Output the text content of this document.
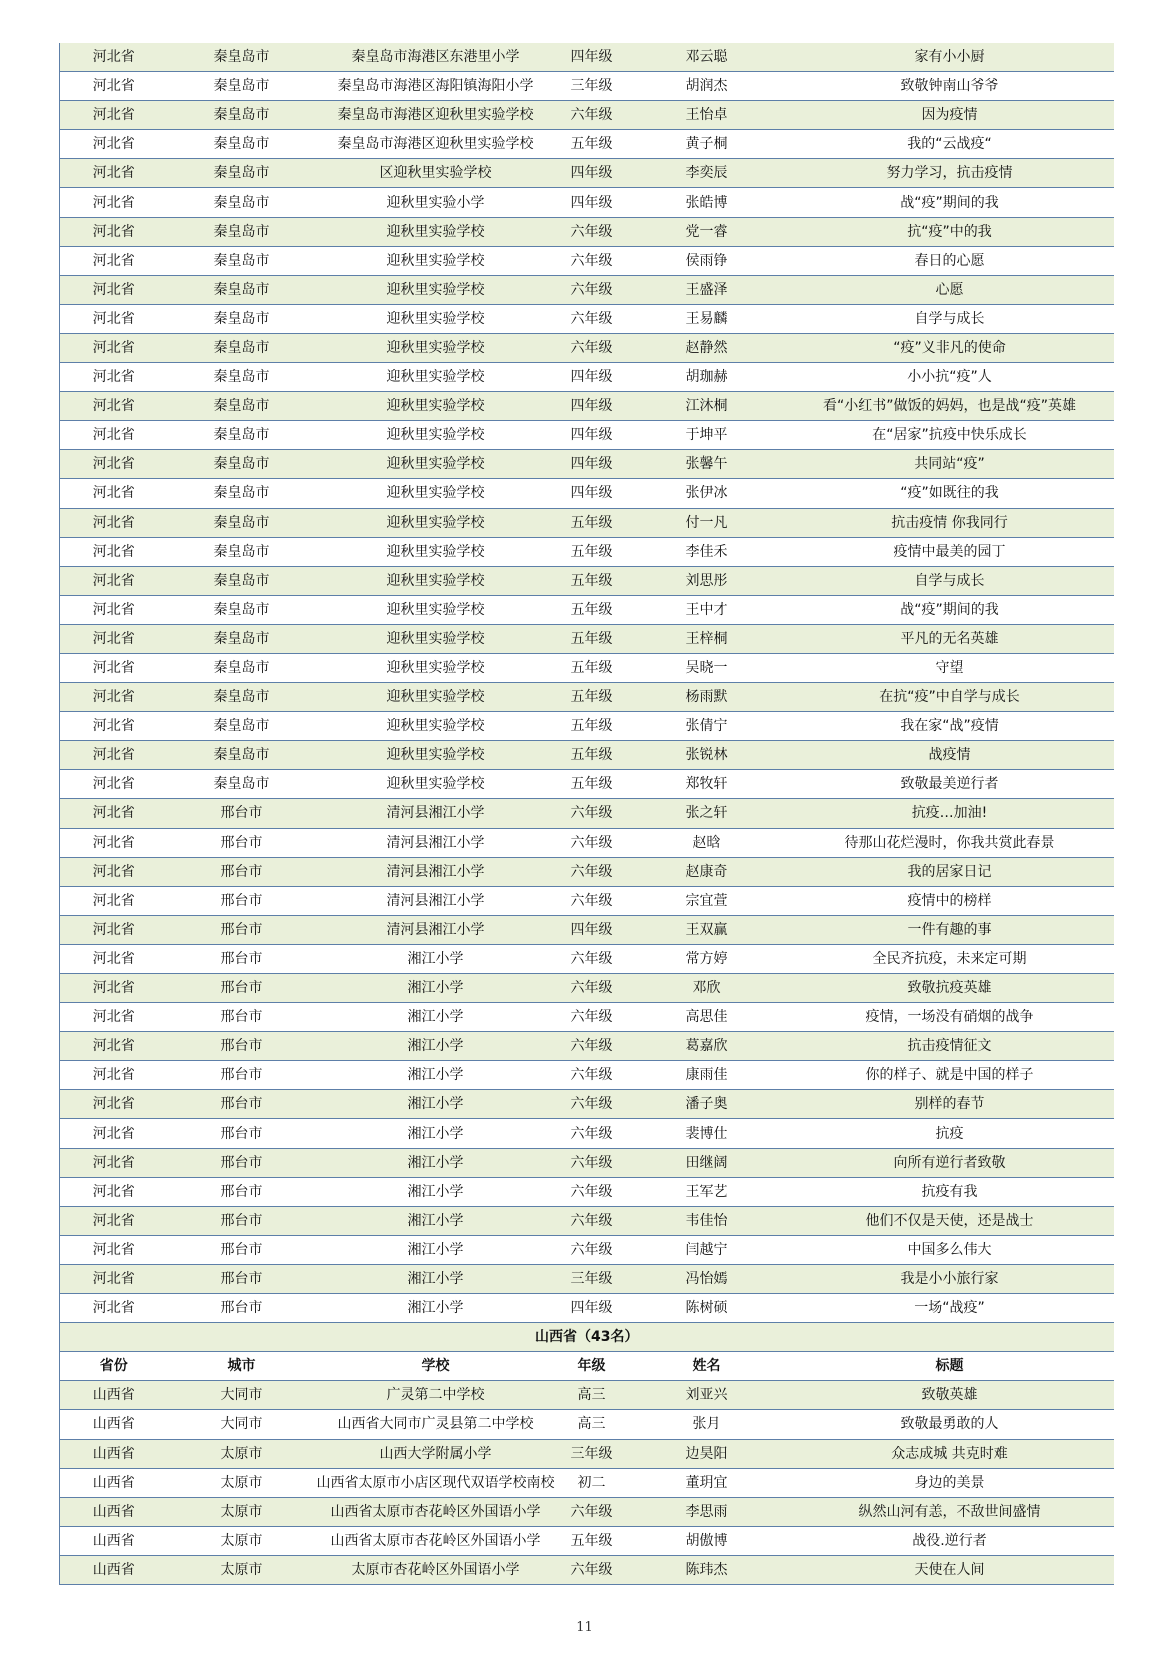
河北省	秦皇岛市	秦皇岛市海港区东港里小学	四年级	邓云聪	家有小小厨
河北省	秦皇岛市	秦皇岛市海港区海阳镇海阳小学	三年级	胡润杰	致敬钟南山爷爷
河北省	秦皇岛市	秦皇岛市海港区迎秋里实验学校	六年级	王怡卓	因为疫情
河北省	秦皇岛市	秦皇岛市海港区迎秋里实验学校	五年级	黄子桐	我的“云战疫“
河北省	秦皇岛市	区迎秋里实验学校	四年级	李奕辰	努力学习，抗击疫情
河北省	秦皇岛市	迎秋里实验小学	四年级	张皓博	战“疫”期间的我
河北省	秦皇岛市	迎秋里实验学校	六年级	党一睿	抗“疫”中的我
河北省	秦皇岛市	迎秋里实验学校	六年级	侯雨铮	春日的心愿
河北省	秦皇岛市	迎秋里实验学校	六年级	王盛泽	心愿
河北省	秦皇岛市	迎秋里实验学校	六年级	王易麟	自学与成长
河北省	秦皇岛市	迎秋里实验学校	六年级	赵静然	“疫”义非凡的使命
河北省	秦皇岛市	迎秋里实验学校	四年级	胡珈赫	小小抗“疫”人
河北省	秦皇岛市	迎秋里实验学校	四年级	江沐桐	看“小红书”做饭的妈妈，也是战“疫”英雄
河北省	秦皇岛市	迎秋里实验学校	四年级	于坤平	在“居家”抗疫中快乐成长
河北省	秦皇岛市	迎秋里实验学校	四年级	张馨午	共同站“疫”
河北省	秦皇岛市	迎秋里实验学校	四年级	张伊冰	“疫”如既往的我
河北省	秦皇岛市	迎秋里实验学校	五年级	付一凡	抗击疫情 你我同行
河北省	秦皇岛市	迎秋里实验学校	五年级	李佳禾	疫情中最美的园丁
河北省	秦皇岛市	迎秋里实验学校	五年级	刘思彤	自学与成长
河北省	秦皇岛市	迎秋里实验学校	五年级	王中才	战“疫”期间的我
河北省	秦皇岛市	迎秋里实验学校	五年级	王梓桐	平凡的无名英雄
河北省	秦皇岛市	迎秋里实验学校	五年级	吴晓一	守望
河北省	秦皇岛市	迎秋里实验学校	五年级	杨雨默	在抗“疫”中自学与成长
河北省	秦皇岛市	迎秋里实验学校	五年级	张倩宁	我在家“战”疫情
河北省	秦皇岛市	迎秋里实验学校	五年级	张锐林	战疫情
河北省	秦皇岛市	迎秋里实验学校	五年级	郑牧轩	致敬最美逆行者
河北省	邢台市	清河县湘江小学	六年级	张之轩	抗疫…加油!
河北省	邢台市	清河县湘江小学	六年级	赵晗	待那山花烂漫时，你我共赏此春景
河北省	邢台市	清河县湘江小学	六年级	赵康奇	我的居家日记
河北省	邢台市	清河县湘江小学	六年级	宗宜萱	疫情中的榜样
河北省	邢台市	清河县湘江小学	四年级	王双赢	一件有趣的事
河北省	邢台市	湘江小学	六年级	常方婷	全民齐抗疫，未来定可期
河北省	邢台市	湘江小学	六年级	邓欣	致敬抗疫英雄
河北省	邢台市	湘江小学	六年级	高思佳	疫情，一场没有硝烟的战争
河北省	邢台市	湘江小学	六年级	葛嘉欣	抗击疫情征文
河北省	邢台市	湘江小学	六年级	康雨佳	你的样子、就是中国的样子
河北省	邢台市	湘江小学	六年级	潘子奥	别样的春节
河北省	邢台市	湘江小学	六年级	裴博仕	抗疫
河北省	邢台市	湘江小学	六年级	田继阔	向所有逆行者致敬
河北省	邢台市	湘江小学	六年级	王军艺	抗疫有我
河北省	邢台市	湘江小学	六年级	韦佳怡	他们不仅是天使，还是战士
河北省	邢台市	湘江小学	六年级	闫越宁	中国多么伟大
河北省	邢台市	湘江小学	三年级	冯怡嫣	我是小小旅行家
河北省	邢台市	湘江小学	四年级	陈树硕	一场“战疫”
山西省（43名）					
省份	城市	学校	年级	姓名	标题
山西省	大同市	广灵第二中学校	高三	刘亚兴	致敬英雄
山西省	大同市	山西省大同市广灵县第二中学校	高三	张月	致敬最勇敢的人
山西省	太原市	山西大学附属小学	三年级	边昊阳	众志成城 共克时难
山西省	太原市	山西省太原市小店区现代双语学校南校	初二	董玥宜	身边的美景
山西省	太原市	山西省太原市杏花岭区外国语小学	六年级	李思雨	纵然山河有恙，不敌世间盛情
山西省	太原市	山西省太原市杏花岭区外国语小学	五年级	胡傲博	战役.逆行者
山西省	太原市	太原市杏花岭区外国语小学	六年级	陈玮杰	天使在人间
11
